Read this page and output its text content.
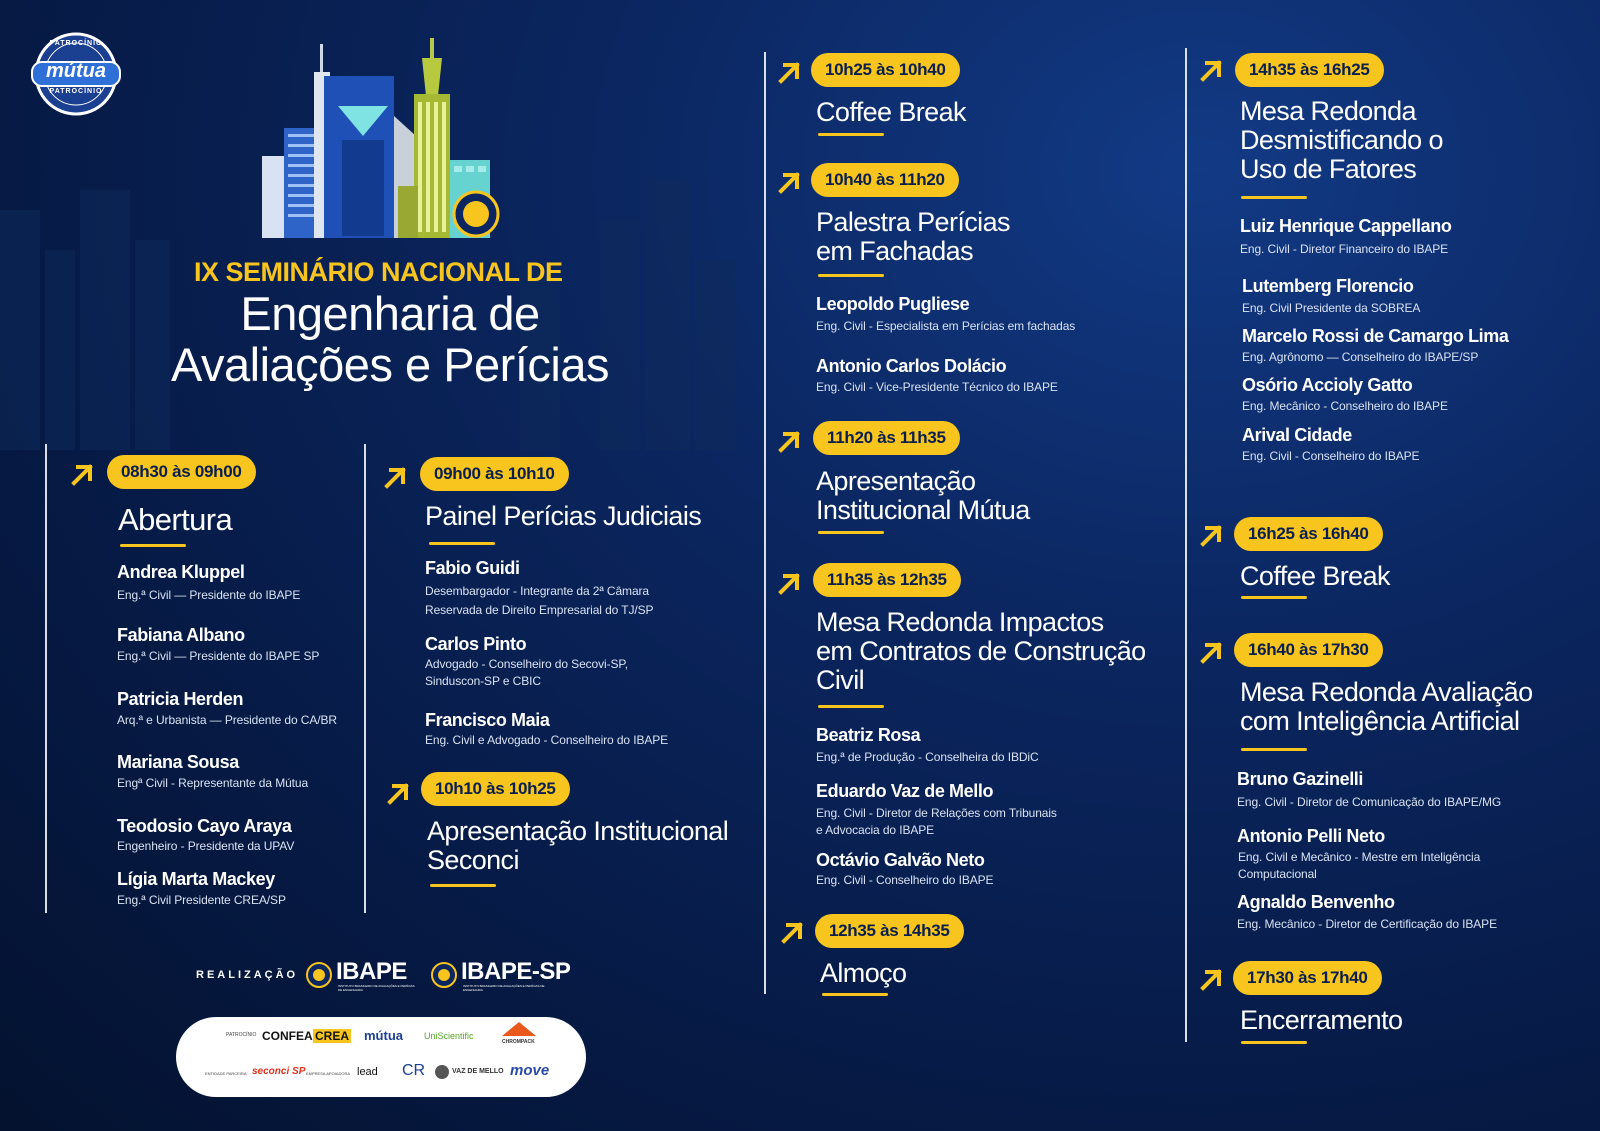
mútua
PATROCÍNIO
PATROCÍNIO
IX SEMINÁRIO NACIONAL DE
Engenharia de
Avaliações e Perícias
08h30 às 09h00
Abertura
Andrea Kluppel
Eng.ª Civil — Presidente do IBAPE
Fabiana Albano
Eng.ª Civil — Presidente do IBAPE SP
Patricia Herden
Arq.ª e Urbanista — Presidente do CA/BR
Mariana Sousa
Engª Civil - Representante da Mútua
Teodosio Cayo Araya
Engenheiro - Presidente da UPAV
Lígia Marta Mackey
Eng.ª Civil Presidente CREA/SP
09h00 às 10h10
Painel Perícias Judiciais
Fabio Guidi
Desembargador - Integrante da 2ª Câmara
Reservada de Direito Empresarial do TJ/SP
Carlos Pinto
Advogado - Conselheiro do Secovi-SP,
Sinduscon-SP e CBIC
Francisco Maia
Eng. Civil e Advogado - Conselheiro do IBAPE
10h10 às 10h25
Apresentação Institucional
Seconci
10h25 às 10h40
Coffee Break
10h40 às 11h20
Palestra Perícias
em Fachadas
Leopoldo Pugliese
Eng. Civil - Especialista em Perícias em fachadas
Antonio Carlos Dolácio
Eng. Civil - Vice-Presidente Técnico do IBAPE
11h20 às 11h35
Apresentação
Institucional Mútua
11h35 às 12h35
Mesa Redonda Impactos
em Contratos de Construção
Civil
Beatriz Rosa
Eng.ª de Produção - Conselheira do IBDiC
Eduardo Vaz de Mello
Eng. Civil - Diretor de Relações com Tribunais
e Advocacia do IBAPE
Octávio Galvão Neto
Eng. Civil - Conselheiro do IBAPE
12h35 às 14h35
Almoço
14h35 às 16h25
Mesa Redonda
Desmistificando o
Uso de Fatores
Luiz Henrique Cappellano
Eng. Civil - Diretor Financeiro do IBAPE
Lutemberg Florencio
Eng. Civil Presidente da SOBREA
Marcelo Rossi de Camargo Lima
Eng. Agrônomo — Conselheiro do IBAPE/SP
Osório Accioly Gatto
Eng. Mecânico - Conselheiro do IBAPE
Arival Cidade
Eng. Civil - Conselheiro do IBAPE
16h25 às 16h40
Coffee Break
16h40 às 17h30
Mesa Redonda Avaliação
com Inteligência Artificial
Bruno Gazinelli
Eng. Civil - Diretor de Comunicação do IBAPE/MG
Antonio Pelli Neto
Eng. Civil e Mecânico - Mestre em Inteligência
Computacional
Agnaldo Benvenho
Eng. Mecânico - Diretor de Certificação do IBAPE
17h30 às 17h40
Encerramento
REALIZAÇÃO IBAPE
INSTITUTO BRASILEIRO DE AVALIAÇÕES E PERÍCIAS DE ENGENHARIA
IBAPE-SP
INSTITUTO BRASILEIRO DE AVALIAÇÕES E PERÍCIAS DE ENGENHARIA
PATROCÍNIO CONFEA CREA mútua UniScientific
CHROMPACK
ENTIDADE PARCEIRA seconci SP EMPRESA APOIADORA lead CR	VAZ DE MELLO move
